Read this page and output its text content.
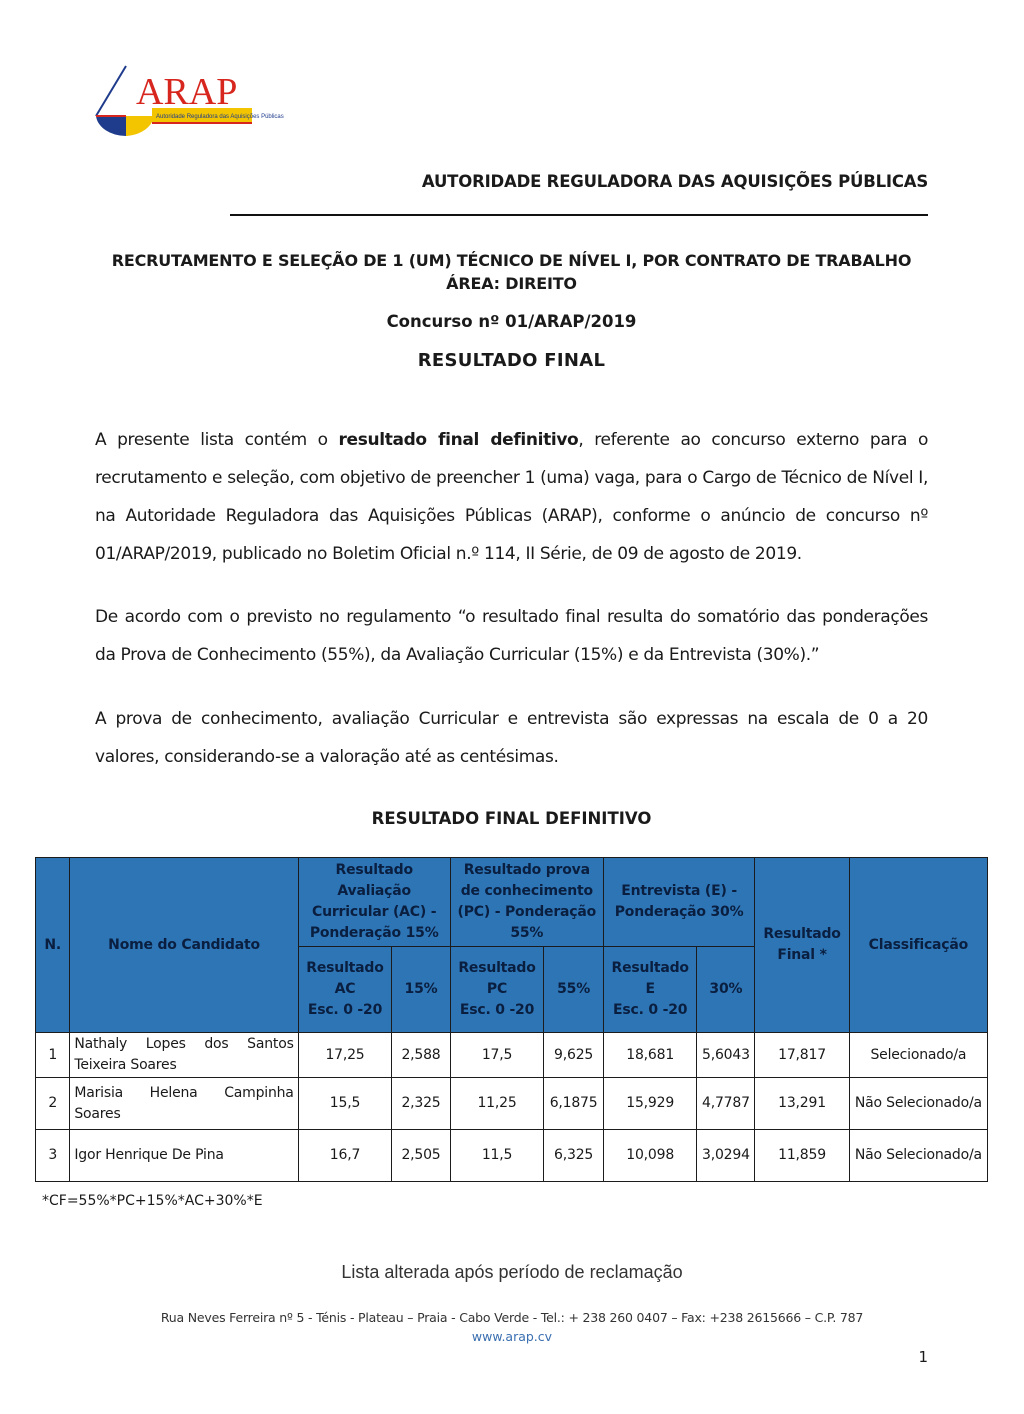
ARAP
Autoridade Reguladora das Aquisições Públicas
AUTORIDADE REGULADORA DAS AQUISIÇÕES PÚBLICAS
RECRUTAMENTO E SELEÇÃO DE 1 (UM) TÉCNICO DE NÍVEL I, POR CONTRATO DE TRABALHO
ÁREA: DIREITO
Concurso nº 01/ARAP/2019
RESULTADO FINAL

A presente lista contém o resultado final definitivo, referente ao concurso externo para o recrutamento e seleção, com objetivo de preencher 1 (uma) vaga, para o Cargo de Técnico de Nível I, na Autoridade Reguladora das Aquisições Públicas (ARAP), conforme o anúncio de concurso nº 01/ARAP/2019, publicado no Boletim Oficial n.º 114, II Série, de 09 de agosto de 2019.

De acordo com o previsto no regulamento “o resultado final resulta do somatório das ponderações da Prova de Conhecimento (55%), da Avaliação Curricular (15%) e da Entrevista (30%).”

A prova de conhecimento, avaliação Curricular e entrevista são expressas na escala de 0 a 20 valores, considerando-se a valoração até as centésimas.

RESULTADO FINAL DEFINITIVO
N.	Nome do Candidato	Resultado Avaliação Curricular (AC) - Ponderação 15%		Resultado prova de conhecimento (PC) - Ponderação 55%		Entrevista (E) - Ponderação 30%		Resultado Final *	Classificação
		Resultado
AC
Esc. 0 -20	15%	Resultado
PC
Esc. 0 -20	55%	Resultado
E
Esc. 0 -20	30%		
1	Nathaly Lopes dos Santos Teixeira Soares	17,25	2,588	17,5	9,625	18,681	5,6043	17,817	Selecionado/a
2	Marisia Helena Campinha Soares	15,5	2,325	11,25	6,1875	15,929	4,7787	13,291	Não Selecionado/a
3	Igor Henrique De Pina	16,7	2,505	11,5	6,325	10,098	3,0294	11,859	Não Selecionado/a
*CF=55%*PC+15%*AC+30%*E
Lista alterada após período de reclamação
Rua Neves Ferreira nº 5 - Ténis - Plateau – Praia - Cabo Verde - Tel.: + 238 260 0407 – Fax: +238 2615666 – C.P. 787
www.arap.cv
1
